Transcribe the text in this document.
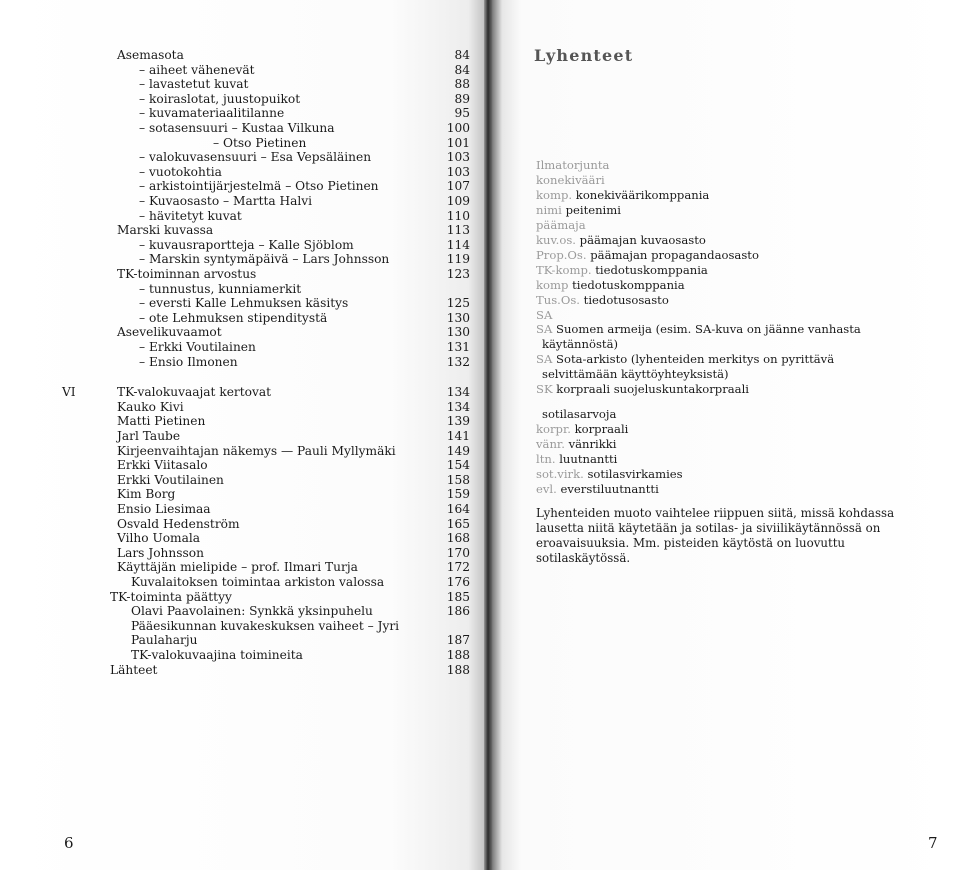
Asemasota	84
– aiheet vähenevät	84
– lavastetut kuvat	88
– koiraslotat, juustopuikot	89
– kuvamateriaalitilanne	95
– sotasensuuri – Kustaa Vilkuna	100
– Otso Pietinen	101
– valokuvasensuuri – Esa Vepsäläinen	103
– vuotokohtia	103
– arkistointijärjestelmä – Otso Pietinen	107
– Kuvaosasto – Martta Halvi	109
– hävitetyt kuvat	110
Marski kuvassa	113
– kuvausraportteja – Kalle Sjöblom	114
– Marskin syntymäpäivä – Lars Johnsson	119
TK-toiminnan arvostus	123
– tunnustus, kunniamerkit
– eversti Kalle Lehmuksen käsitys	125
– ote Lehmuksen stipenditystä	130
Asevelikuvaamot	130
– Erkki Voutilainen	131
– Ensio Ilmonen	132
VI	TK-valokuvaajat kertovat	134
Kauko Kivi	134
Matti Pietinen	139
Jarl Taube	141
Kirjeenvaihtajan näkemys — Pauli Myllymäki	149
Erkki Viitasalo	154
Erkki Voutilainen	158
Kim Borg	159
Ensio Liesimaa	164
Osvald Hedenström	165
Vilho Uomala	168
Lars Johnsson	170
Käyttäjän mielipide – prof. Ilmari Turja	172
Kuvalaitoksen toimintaa arkiston valossa	176
TK-toiminta päättyy	185
Olavi Paavolainen: Synkkä yksinpuhelu	186
Pääesikunnan kuvakeskuksen vaiheet – Jyri
Paulaharju	187
TK-valokuvaajina toimineita	188
Lähteet	188
6
Lyhenteet
Ilmatorjunta
konekivääri
komp. konekiväärikomppania
nimi peitenimi
päämaja
kuv.os. päämajan kuvaosasto
Prop.Os. päämajan propagandaosasto
TK-komp. tiedotuskomppania
komp tiedotuskomppania
Tus.Os. tiedotusosasto
SA
SA Suomen armeija (esim. SA-kuva on jäänne vanhasta
käytännöstä)
SA Sota-arkisto (lyhenteiden merkitys on pyrittävä
selvittämään käyttöyhteyksistä)
SK korpraali suojeluskuntakorpraali
sotilasarvoja
korpr. korpraali
vänr. vänrikki
ltn. luutnantti
sot.virk. sotilasvirkamies
evl. everstiluutnantti
Lyhenteiden muoto vaihtelee riippuen siitä, missä kohdassa
lausetta niitä käytetään ja sotilas- ja siviilikäytännössä on
eroavaisuuksia. Mm. pisteiden käytöstä on luovuttu
sotilaskäytössä.
7
